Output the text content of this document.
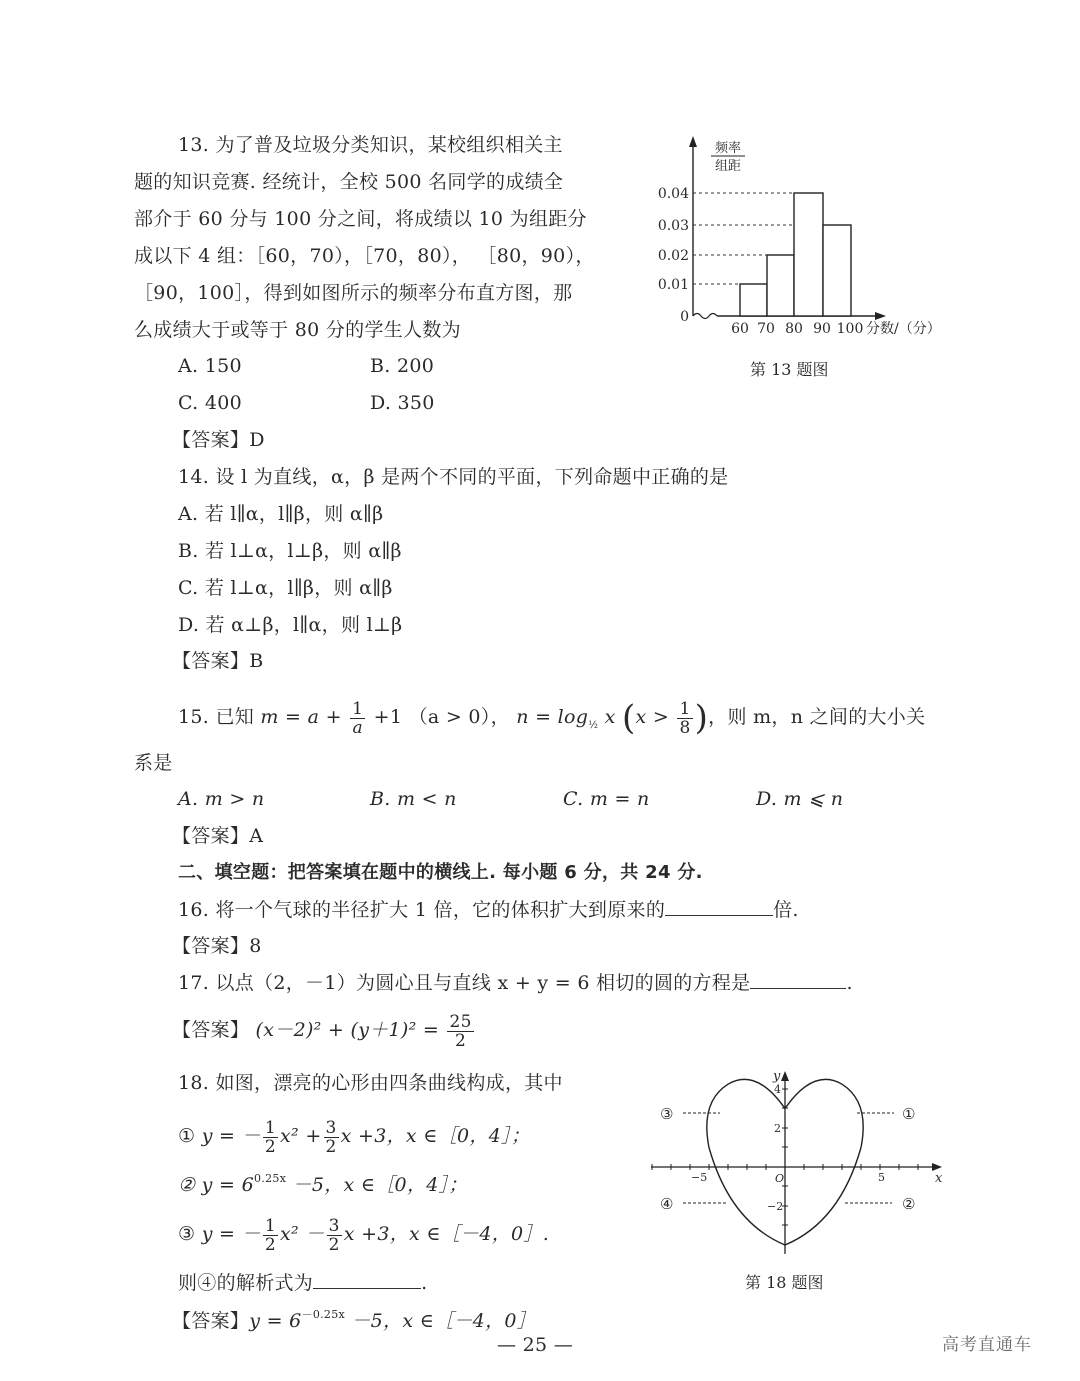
13. 为了普及垃圾分类知识，某校组织相关主
题的知识竞赛. 经统计，全校 500 名同学的成绩全
部介于 60 分与 100 分之间，将成绩以 10 为组距分
成以下 4 组：［60，70），［70，80）， ［80，90），
［90，100］，得到如图所示的频率分布直方图，那
么成绩大于或等于 80 分的学生人数为
A. 150	B. 200
C. 400	D. 350
【答案】D
频率
组距
0.04
0.03
0.02
0.01
0
60 70 80 90 100 分数/（分）
第 13 题图
14. 设 l 为直线，α，β 是两个不同的平面，下列命题中正确的是
A. 若 l∥α，l∥β，则 α∥β
B. 若 l⊥α，l⊥β，则 α∥β
C. 若 l⊥α，l∥β，则 α∥β
D. 若 α⊥β，l∥α，则 l⊥β
【答案】B
15. 已知 $m = a + \frac{1}{a} +1$ （a > 0）， $n = \log_{\frac{1}{2}} x$ ($x > \frac{1}{8}$ )，则 m，n 之间的大小关
系是
A. m > n	B. m < n	C. m = n	D. m ⩽ n
【答案】A
二、填空题：把答案填在题中的横线上. 每小题 6 分，共 24 分.
16. 将一个气球的半径扩大 1 倍，它的体积扩大到原来的	倍.
【答案】8
17. 以点（2，－1）为圆心且与直线 x + y = 6 相切的圆的方程是	.
【答案】 $(x-2)^2 + (y+1)^2 = \frac{25}{2}$
18. 如图，漂亮的心形由四条曲线构成，其中
① y = － $\frac{1}{2} x^2 + \frac{3}{2}$ x +3，x ∈［0，4］；
② $y = 6^{0.25x} -5$，x ∈［0，4］；
③ y = － $\frac{1}{2} x^2 - \frac{3}{2}$ x +3，x ∈［－4，0］.
则④的解析式为	.
【答案】$y = 6^{-0.25x} -5$，x ∈［－4，0］
y
x
O
−5	5
4
2
−2
③	①
④	②
第 18 题图
— 25 —	高考直通车
